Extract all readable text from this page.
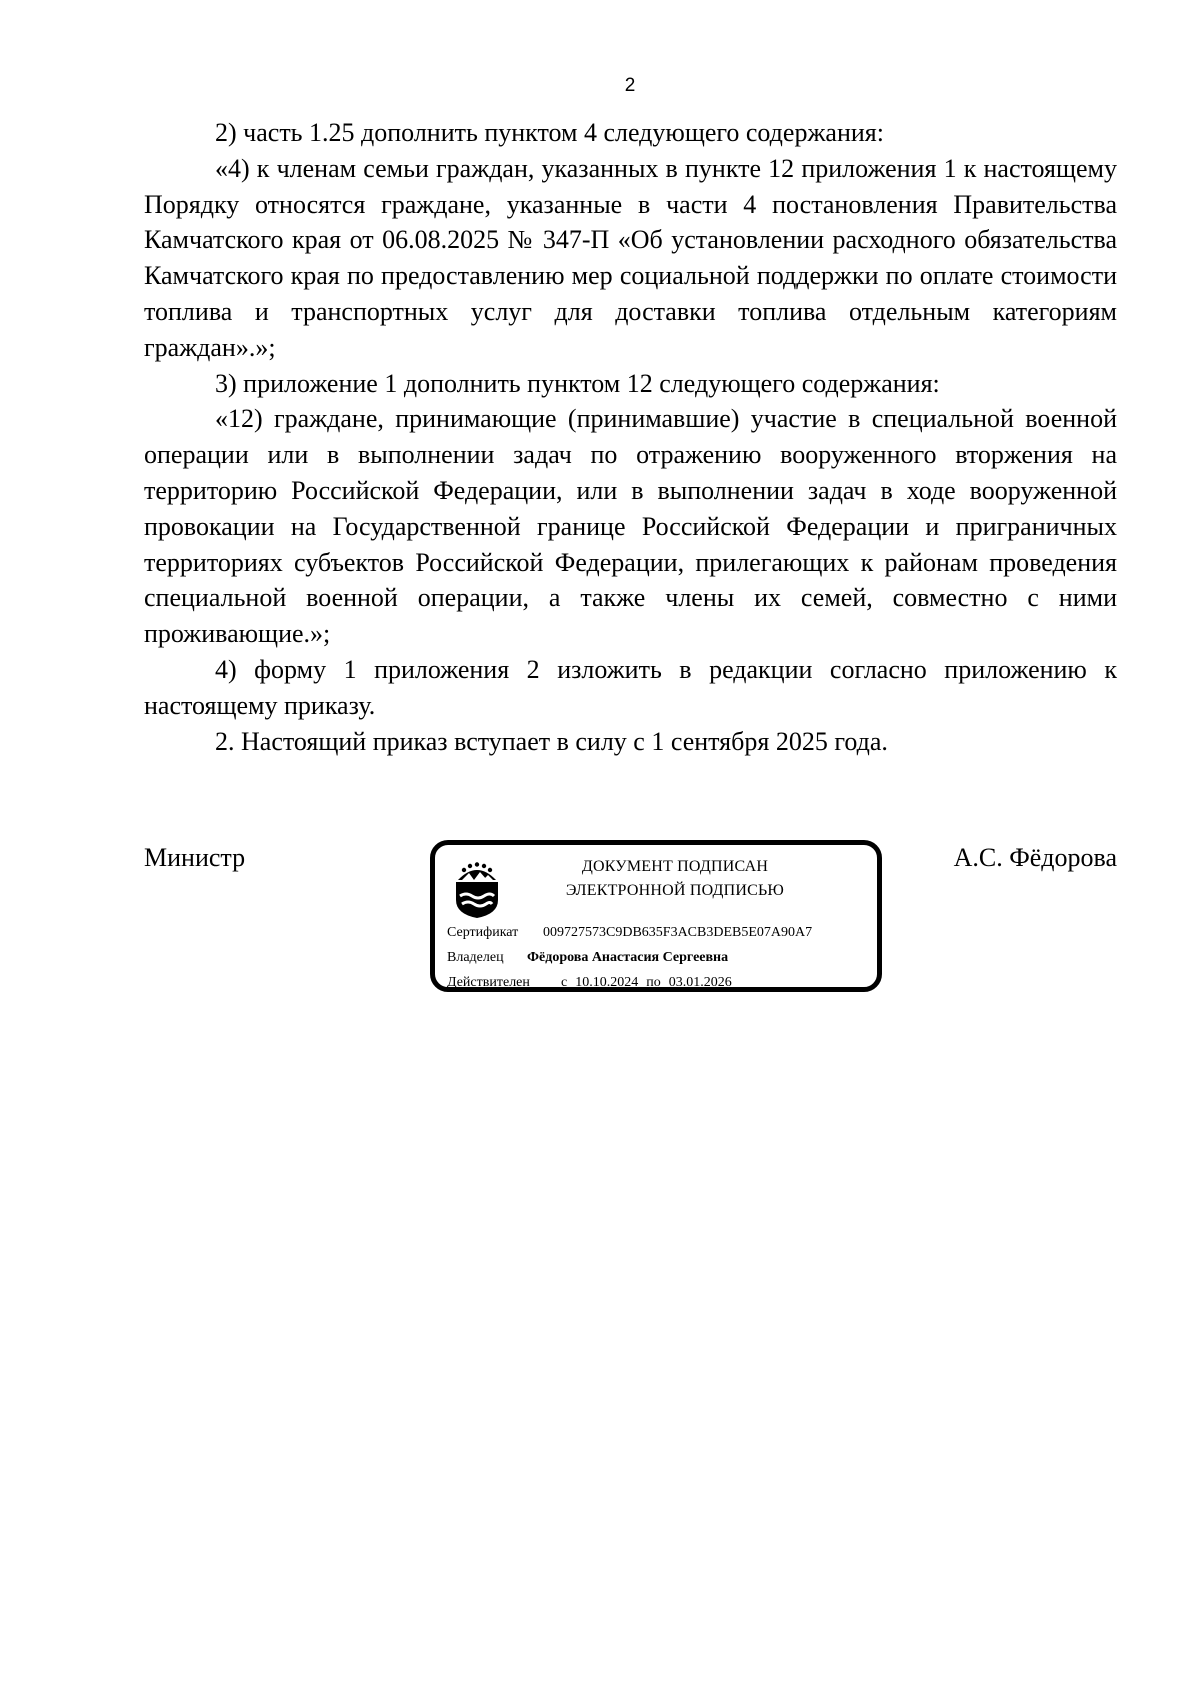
2

2) часть 1.25 дополнить пунктом 4 следующего содержания:

«4) к членам семьи граждан, указанных в пункте 12 приложения 1 к настоящему Порядку относятся граждане, указанные в части 4 постановления Правительства Камчатского края от 06.08.2025 № 347-П «Об установлении расходного обязательства Камчатского края по предоставлению мер социальной поддержки по оплате стоимости топлива и транспортных услуг для доставки топлива отдельным категориям граждан».»;

3) приложение 1 дополнить пунктом 12 следующего содержания:

«12) граждане, принимающие (принимавшие) участие в специальной военной операции или в выполнении задач по отражению вооруженного вторжения на территорию Российской Федерации, или в выполнении задач в ходе вооруженной провокации на Государственной границе Российской Федерации и приграничных территориях субъектов Российской Федерации, прилегающих к районам проведения специальной военной операции, а также члены их семей, совместно с ними проживающие.»;

4) форму 1 приложения 2 изложить в редакции согласно приложению к настоящему приказу.

2. Настоящий приказ вступает в силу с 1 сентября 2025 года.

Министр	ДОКУМЕНТ ПОДПИСАН
ЭЛЕКТРОННОЙ ПОДПИСЬЮ
Сертификат 009727573C9DB635F3ACB3DEB5E07A90A7
Владелец Фёдорова Анастасия Сергеевна
Действителен с 10.10.2024 по 03.01.2026
А.С. Фёдорова
